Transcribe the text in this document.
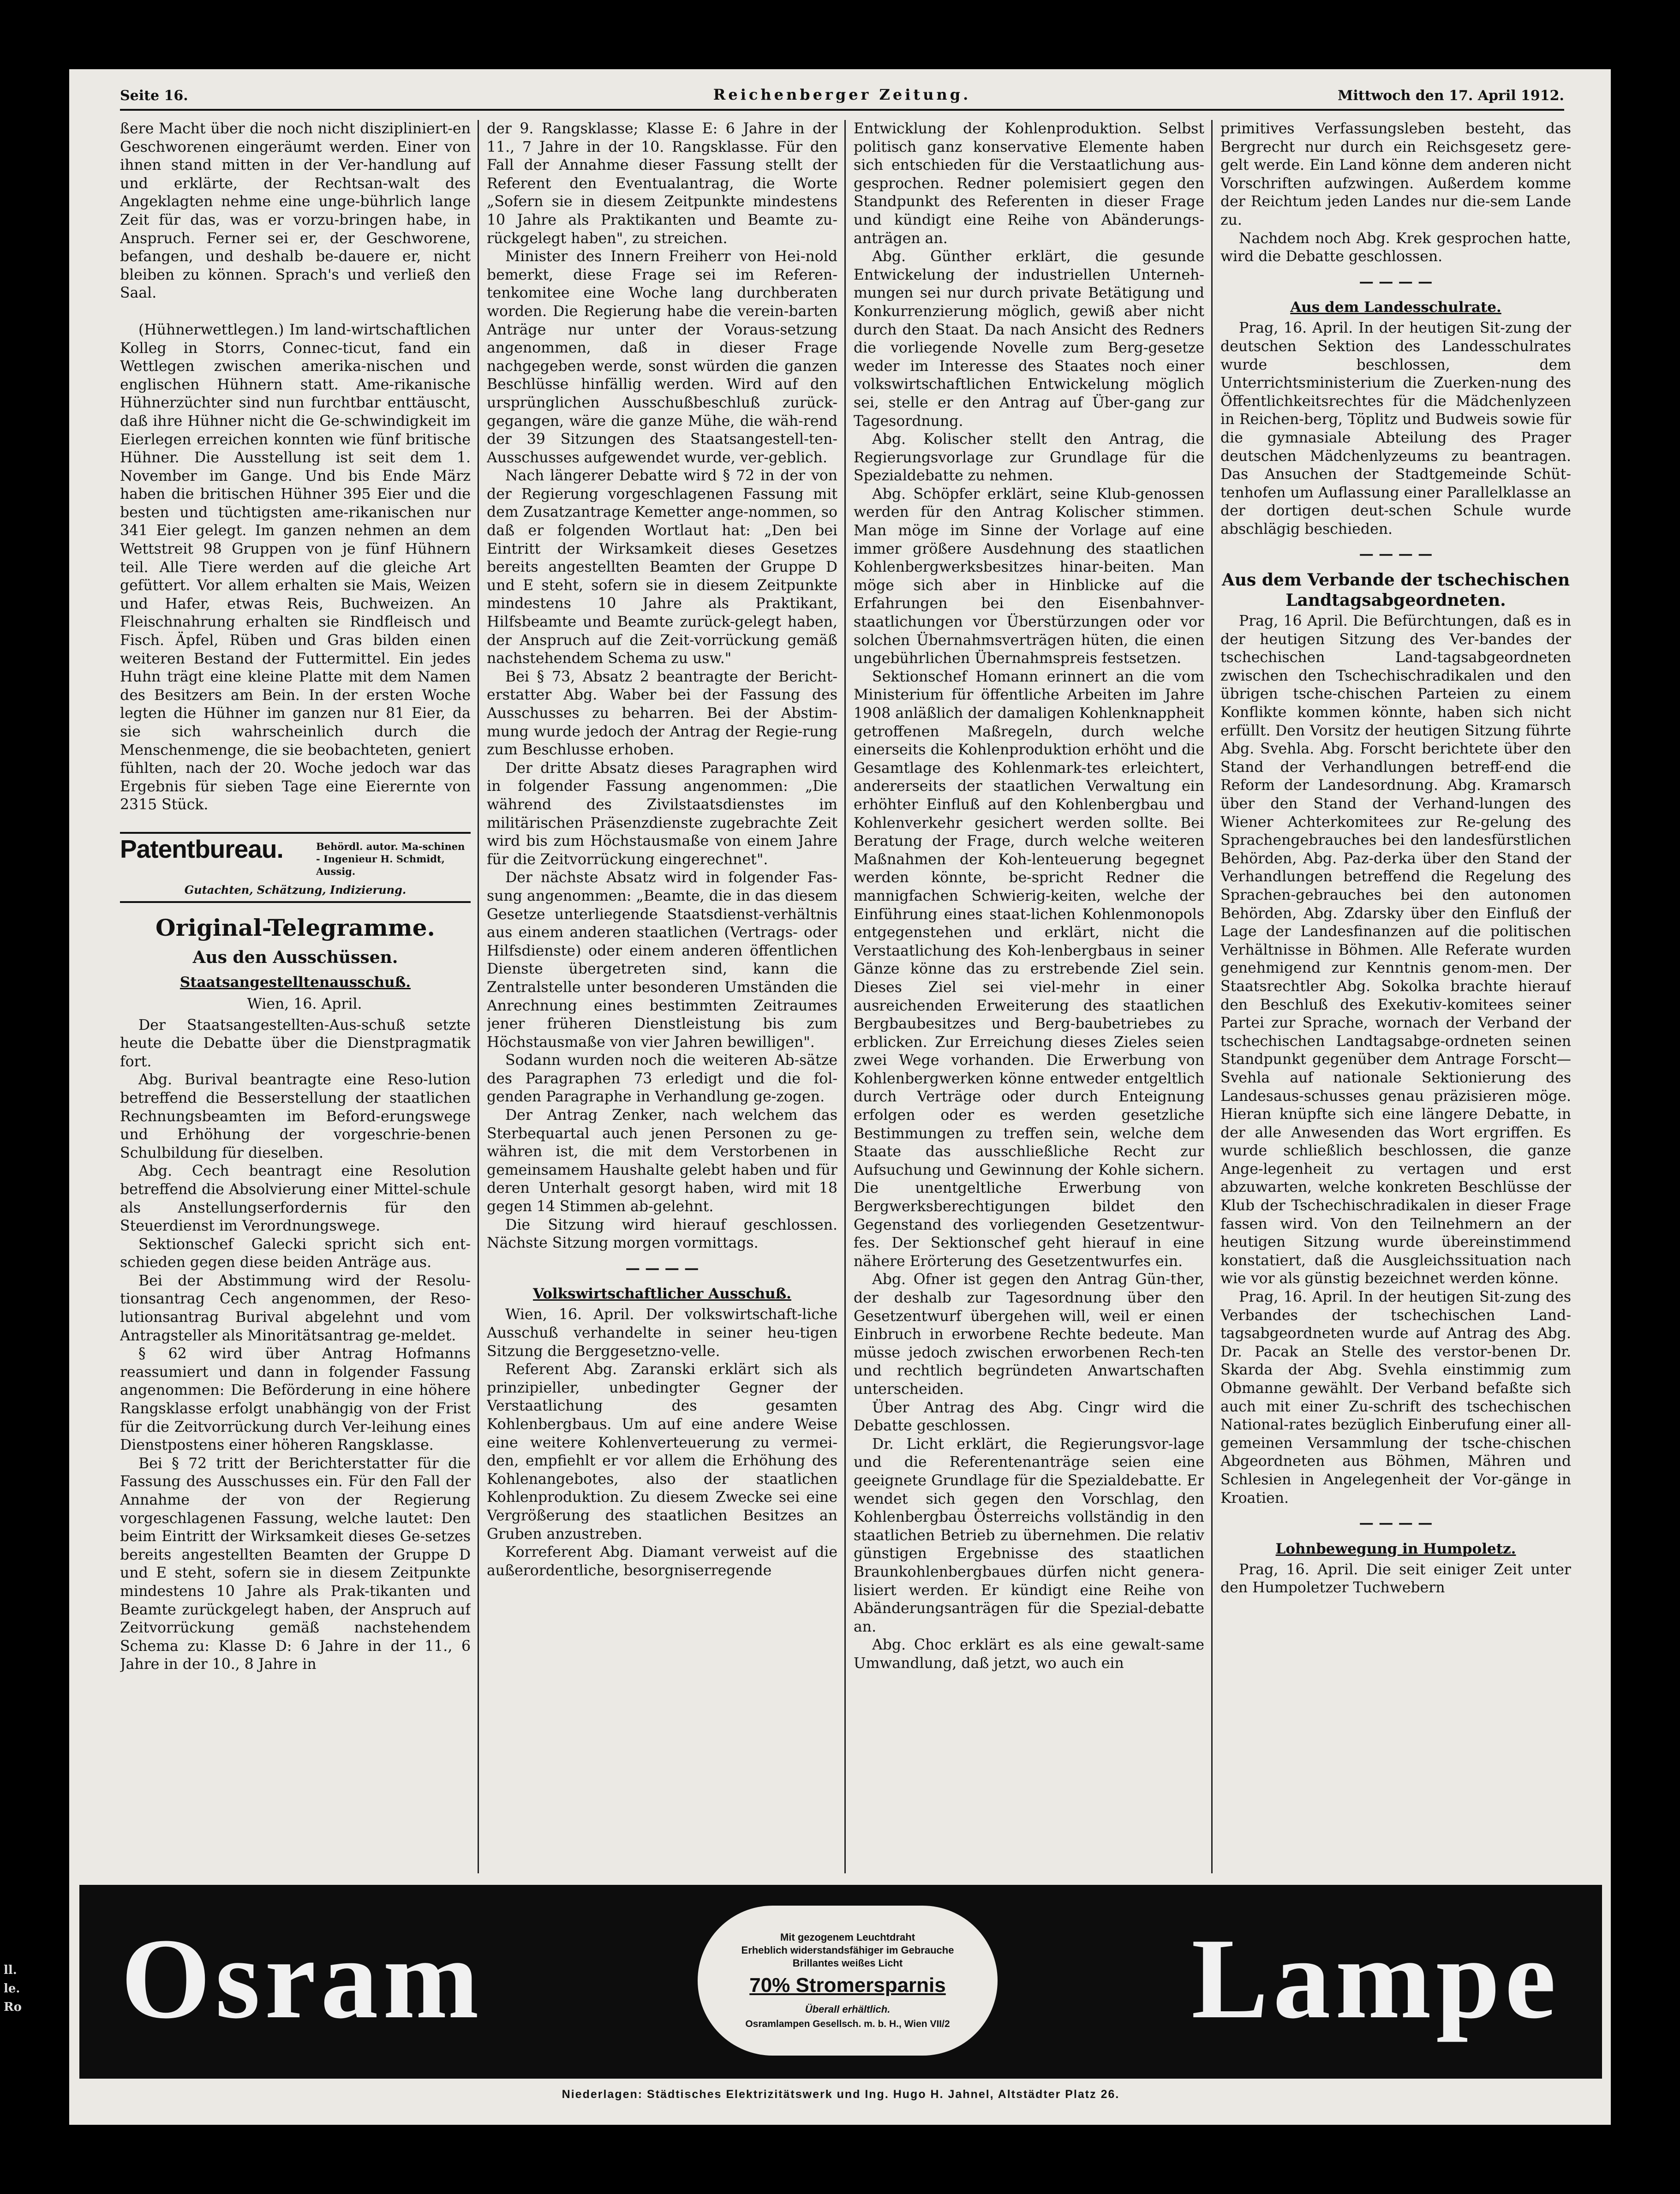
Seite 16.	Reichenberger Zeitung.	Mittwoch den 17. April 1912.

ßere Macht über die noch nicht diszipliniert-en Geschworenen eingeräumt werden. Einer von ihnen stand mitten in der Ver-handlung auf und erklärte, der Rechtsan-walt des Angeklagten nehme eine unge-bührlich lange Zeit für das, was er vorzu-bringen habe, in Anspruch. Ferner sei er, der Geschworene, befangen, und deshalb be-dauere er, nicht bleiben zu können. Sprach's und verließ den Saal.

(Hühnerwettlegen.) Im land-wirtschaftlichen Kolleg in Storrs, Connec-ticut, fand ein Wettlegen zwischen amerika-nischen und englischen Hühnern statt. Ame-rikanische Hühnerzüchter sind nun furchtbar enttäuscht, daß ihre Hühner nicht die Ge-schwindigkeit im Eierlegen erreichen konnten wie fünf britische Hühner. Die Ausstellung ist seit dem 1. November im Gange. Und bis Ende März haben die britischen Hühner 395 Eier und die besten und tüchtigsten ame-rikanischen nur 341 Eier gelegt. Im ganzen nehmen an dem Wettstreit 98 Gruppen von je fünf Hühnern teil. Alle Tiere werden auf die gleiche Art gefüttert. Vor allem erhalten sie Mais, Weizen und Hafer, etwas Reis, Buchweizen. An Fleischnahrung erhalten sie Rindfleisch und Fisch. Äpfel, Rüben und Gras bilden einen weiteren Bestand der Futtermittel. Ein jedes Huhn trägt eine kleine Platte mit dem Namen des Besitzers am Bein. In der ersten Woche legten die Hühner im ganzen nur 81 Eier, da sie sich wahrscheinlich durch die Menschenmenge, die sie beobachteten, geniert fühlten, nach der 20. Woche jedoch war das Ergebnis für sieben Tage eine Eierernte von 2315 Stück.

Patentbureau.	Behördl. autor. Ma-schinen - Ingenieur H. Schmidt, Aussig.
Gutachten, Schätzung, Indizierung.
Original-Telegramme.
Aus den Ausschüssen.
Staatsangestelltenausschuß.

Wien, 16. April.

Der Staatsangestellten-Aus-schuß setzte heute die Debatte über die Dienstpragmatik fort.

Abg. Burival beantragte eine Reso-lution betreffend die Besserstellung der staatlichen Rechnungsbeamten im Beford-erungswege und Erhöhung der vorgeschrie-benen Schulbildung für dieselben.

Abg. Cech beantragt eine Resolution betreffend die Absolvierung einer Mittel-schule als Anstellungserfordernis für den Steuerdienst im Verordnungswege.

Sektionschef Galecki spricht sich ent-schieden gegen diese beiden Anträge aus.

Bei der Abstimmung wird der Resolu-tionsantrag Cech angenommen, der Reso-lutionsantrag Burival abgelehnt und vom Antragsteller als Minoritätsantrag ge-meldet.

§ 62 wird über Antrag Hofmanns reassumiert und dann in folgender Fassung angenommen: Die Beförderung in eine höhere Rangsklasse erfolgt unabhängig von der Frist für die Zeitvorrückung durch Ver-leihung eines Dienstpostens einer höheren Rangsklasse.

Bei § 72 tritt der Berichterstatter für die Fassung des Ausschusses ein. Für den Fall der Annahme der von der Regierung vorgeschlagenen Fassung, welche lautet: Den beim Eintritt der Wirksamkeit dieses Ge-setzes bereits angestellten Beamten der Gruppe D und E steht, sofern sie in diesem Zeitpunkte mindestens 10 Jahre als Prak-tikanten und Beamte zurückgelegt haben, der Anspruch auf Zeitvorrückung gemäß nachstehendem Schema zu: Klasse D: 6 Jahre in der 11., 6 Jahre in der 10., 8 Jahre in

der 9. Rangsklasse; Klasse E: 6 Jahre in der 11., 7 Jahre in der 10. Rangsklasse. Für den Fall der Annahme dieser Fassung stellt der Referent den Eventualantrag, die Worte „Sofern sie in diesem Zeitpunkte mindestens 10 Jahre als Praktikanten und Beamte zu-rückgelegt haben", zu streichen.

Minister des Innern Freiherr von Hei-nold bemerkt, diese Frage sei im Referen-tenkomitee eine Woche lang durchberaten worden. Die Regierung habe die verein-barten Anträge nur unter der Voraus-setzung angenommen, daß in dieser Frage nachgegeben werde, sonst würden die ganzen Beschlüsse hinfällig werden. Wird auf den ursprünglichen Ausschußbeschluß zurück-gegangen, wäre die ganze Mühe, die wäh-rend der 39 Sitzungen des Staatsangestell-ten-Ausschusses aufgewendet wurde, ver-geblich.

Nach längerer Debatte wird § 72 in der von der Regierung vorgeschlagenen Fassung mit dem Zusatzantrage Kemetter ange-nommen, so daß er folgenden Wortlaut hat: „Den bei Eintritt der Wirksamkeit dieses Gesetzes bereits angestellten Beamten der Gruppe D und E steht, sofern sie in diesem Zeitpunkte mindestens 10 Jahre als Praktikant, Hilfsbeamte und Beamte zurück-gelegt haben, der Anspruch auf die Zeit-vorrückung gemäß nachstehendem Schema zu usw."

Bei § 73, Absatz 2 beantragte der Bericht-erstatter Abg. Waber bei der Fassung des Ausschusses zu beharren. Bei der Abstim-mung wurde jedoch der Antrag der Regie-rung zum Beschlusse erhoben.

Der dritte Absatz dieses Paragraphen wird in folgender Fassung angenommen: „Die während des Zivilstaatsdienstes im militärischen Präsenzdienste zugebrachte Zeit wird bis zum Höchstausmaße von einem Jahre für die Zeitvorrückung eingerechnet".

Der nächste Absatz wird in folgender Fas-sung angenommen: „Beamte, die in das diesem Gesetze unterliegende Staatsdienst-verhältnis aus einem anderen staatlichen (Vertrags- oder Hilfsdienste) oder einem anderen öffentlichen Dienste übergetreten sind, kann die Zentralstelle unter besonderen Umständen die Anrechnung eines bestimmten Zeitraumes jener früheren Dienstleistung bis zum Höchstausmaße von vier Jahren bewilligen".

Sodann wurden noch die weiteren Ab-sätze des Paragraphen 73 erledigt und die fol-genden Paragraphe in Verhandlung ge-zogen.

Der Antrag Zenker, nach welchem das Sterbequartal auch jenen Personen zu ge-währen ist, die mit dem Verstorbenen in gemeinsamem Haushalte gelebt haben und für deren Unterhalt gesorgt haben, wird mit 18 gegen 14 Stimmen ab-gelehnt.

Die Sitzung wird hierauf geschlossen. Nächste Sitzung morgen vormittags.

— — — —
Volkswirtschaftlicher Ausschuß.

Wien, 16. April. Der volkswirtschaft-liche Ausschuß verhandelte in seiner heu-tigen Sitzung die Berggesetzno-velle.

Referent Abg. Zaranski erklärt sich als prinzipieller, unbedingter Gegner der Verstaatlichung des gesamten Kohlenbergbaus. Um auf eine andere Weise eine weitere Kohlenverteuerung zu vermei-den, empfiehlt er vor allem die Erhöhung des Kohlenangebotes, also der staatlichen Kohlenproduktion. Zu diesem Zwecke sei eine Vergrößerung des staatlichen Besitzes an Gruben anzustreben.

Korreferent Abg. Diamant verweist auf die außerordentliche, besorgniserregende

Entwicklung der Kohlenproduktion. Selbst politisch ganz konservative Elemente haben sich entschieden für die Verstaatlichung aus-gesprochen. Redner polemisiert gegen den Standpunkt des Referenten in dieser Frage und kündigt eine Reihe von Abänderungs-anträgen an.

Abg. Günther erklärt, die gesunde Entwickelung der industriellen Unterneh-mungen sei nur durch private Betätigung und Konkurrenzierung möglich, gewiß aber nicht durch den Staat. Da nach Ansicht des Redners die vorliegende Novelle zum Berg-gesetze weder im Interesse des Staates noch einer volkswirtschaftlichen Entwickelung möglich sei, stelle er den Antrag auf Über-gang zur Tagesordnung.

Abg. Kolischer stellt den Antrag, die Regierungsvorlage zur Grundlage für die Spezialdebatte zu nehmen.

Abg. Schöpfer erklärt, seine Klub-genossen werden für den Antrag Kolischer stimmen. Man möge im Sinne der Vorlage auf eine immer größere Ausdehnung des staatlichen Kohlenbergwerksbesitzes hinar-beiten. Man möge sich aber in Hinblicke auf die Erfahrungen bei den Eisenbahnver-staatlichungen vor Überstürzungen oder vor solchen Übernahmsverträgen hüten, die einen ungebührlichen Übernahmspreis festsetzen.

Sektionschef Homann erinnert an die vom Ministerium für öffentliche Arbeiten im Jahre 1908 anläßlich der damaligen Kohlenknappheit getroffenen Maßregeln, durch welche einerseits die Kohlenproduktion erhöht und die Gesamtlage des Kohlenmark-tes erleichtert, andererseits der staatlichen Verwaltung ein erhöhter Einfluß auf den Kohlenbergbau und Kohlenverkehr gesichert werden sollte. Bei Beratung der Frage, durch welche weiteren Maßnahmen der Koh-lenteuerung begegnet werden könnte, be-spricht Redner die mannigfachen Schwierig-keiten, welche der Einführung eines staat-lichen Kohlenmonopols entgegenstehen und erklärt, nicht die Verstaatlichung des Koh-lenbergbaus in seiner Gänze könne das zu erstrebende Ziel sein. Dieses Ziel sei viel-mehr in einer ausreichenden Erweiterung des staatlichen Bergbaubesitzes und Berg-baubetriebes zu erblicken. Zur Erreichung dieses Zieles seien zwei Wege vorhanden. Die Erwerbung von Kohlenbergwerken könne entweder entgeltlich durch Verträge oder durch Enteignung erfolgen oder es werden gesetzliche Bestimmungen zu treffen sein, welche dem Staate das ausschließliche Recht zur Aufsuchung und Gewinnung der Kohle sichern. Die unentgeltliche Erwerbung von Bergwerksberechtigungen bildet den Gegenstand des vorliegenden Gesetzentwur-fes. Der Sektionschef geht hierauf in eine nähere Erörterung des Gesetzentwurfes ein.

Abg. Ofner ist gegen den Antrag Gün-ther, der deshalb zur Tagesordnung über den Gesetzentwurf übergehen will, weil er einen Einbruch in erworbene Rechte bedeute. Man müsse jedoch zwischen erworbenen Rech-ten und rechtlich begründeten Anwartschaften unterscheiden.

Über Antrag des Abg. Cingr wird die Debatte geschlossen.

Dr. Licht erklärt, die Regierungsvor-lage und die Referentenanträge seien eine geeignete Grundlage für die Spezialdebatte. Er wendet sich gegen den Vorschlag, den Kohlenbergbau Österreichs vollständig in den staatlichen Betrieb zu übernehmen. Die relativ günstigen Ergebnisse des staatlichen Braunkohlenbergbaues dürfen nicht genera-lisiert werden. Er kündigt eine Reihe von Abänderungsanträgen für die Spezial-debatte an.

Abg. Choc erklärt es als eine gewalt-same Umwandlung, daß jetzt, wo auch ein

primitives Verfassungsleben besteht, das Bergrecht nur durch ein Reichsgesetz gere-gelt werde. Ein Land könne dem anderen nicht Vorschriften aufzwingen. Außerdem komme der Reichtum jeden Landes nur die-sem Lande zu.

Nachdem noch Abg. Krek gesprochen hatte, wird die Debatte geschlossen.

— — — —
Aus dem Landesschulrate.

Prag, 16. April. In der heutigen Sit-zung der deutschen Sektion des Landesschulrates wurde beschlossen, dem Unterrichtsministerium die Zuerken-nung des Öffentlichkeitsrechtes für die Mädchenlyzeen in Reichen-berg, Töplitz und Budweis sowie für die gymnasiale Abteilung des Prager deutschen Mädchenlyzeums zu beantragen. Das Ansuchen der Stadtgemeinde Schüt-tenhofen um Auflassung einer Parallelklasse an der dortigen deut-schen Schule wurde abschlägig beschieden.

— — — —
Aus dem Verbande der tschechischen Landtagsabgeordneten.

Prag, 16 April. Die Befürchtungen, daß es in der heutigen Sitzung des Ver-bandes der tschechischen Land-tagsabgeordneten zwischen den Tschechischradikalen und den übrigen tsche-chischen Parteien zu einem Konflikte kommen könnte, haben sich nicht erfüllt. Den Vorsitz der heutigen Sitzung führte Abg. Svehla. Abg. Forscht berichtete über den Stand der Verhandlungen betreff-end die Reform der Landesordnung. Abg. Kramarsch über den Stand der Verhand-lungen des Wiener Achterkomitees zur Re-gelung des Sprachengebrauches bei den landesfürstlichen Behörden, Abg. Paz-derka über den Stand der Verhandlungen betreffend die Regelung des Sprachen-gebrauches bei den autonomen Behörden, Abg. Zdarsky über den Einfluß der Lage der Landesfinanzen auf die politischen Verhältnisse in Böhmen. Alle Referate wurden genehmigend zur Kenntnis genom-men. Der Staatsrechtler Abg. Sokolka brachte hierauf den Beschluß des Exekutiv-komitees seiner Partei zur Sprache, wornach der Verband der tschechischen Landtagsabge-ordneten seinen Standpunkt gegenüber dem Antrage Forscht—Svehla auf nationale Sektionierung des Landesaus-schusses genau präzisieren möge. Hieran knüpfte sich eine längere Debatte, in der alle Anwesenden das Wort ergriffen. Es wurde schließlich beschlossen, die ganze Ange-legenheit zu vertagen und erst abzuwarten, welche konkreten Beschlüsse der Klub der Tschechischradikalen in dieser Frage fassen wird. Von den Teilnehmern an der heutigen Sitzung wurde übereinstimmend konstatiert, daß die Ausgleichssituation nach wie vor als günstig bezeichnet werden könne.

Prag, 16. April. In der heutigen Sit-zung des Verbandes der tschechischen Land-tagsabgeordneten wurde auf Antrag des Abg. Dr. Pacak an Stelle des verstor-benen Dr. Skarda der Abg. Svehla einstimmig zum Obmanne gewählt. Der Verband befaßte sich auch mit einer Zu-schrift des tschechischen National-rates bezüglich Einberufung einer all-gemeinen Versammlung der tsche-chischen Abgeordneten aus Böhmen, Mähren und Schlesien in Angelegenheit der Vor-gänge in Kroatien.

— — — —
Lohnbewegung in Humpoletz.

Prag, 16. April. Die seit einiger Zeit unter den Humpoletzer Tuchwebern

Osram	Mit gezogenem Leuchtdraht
Erheblich widerstandsfähiger im Gebrauche
Brillantes weißes Licht
70% Stromersparnis
Überall erhältlich.
Osramlampen Gesellsch. m. b. H., Wien VII/2	Lampe
Niederlagen: Städtisches Elektrizitätswerk und Ing. Hugo H. Jahnel, Altstädter Platz 26.
ll.
le.
Ro
